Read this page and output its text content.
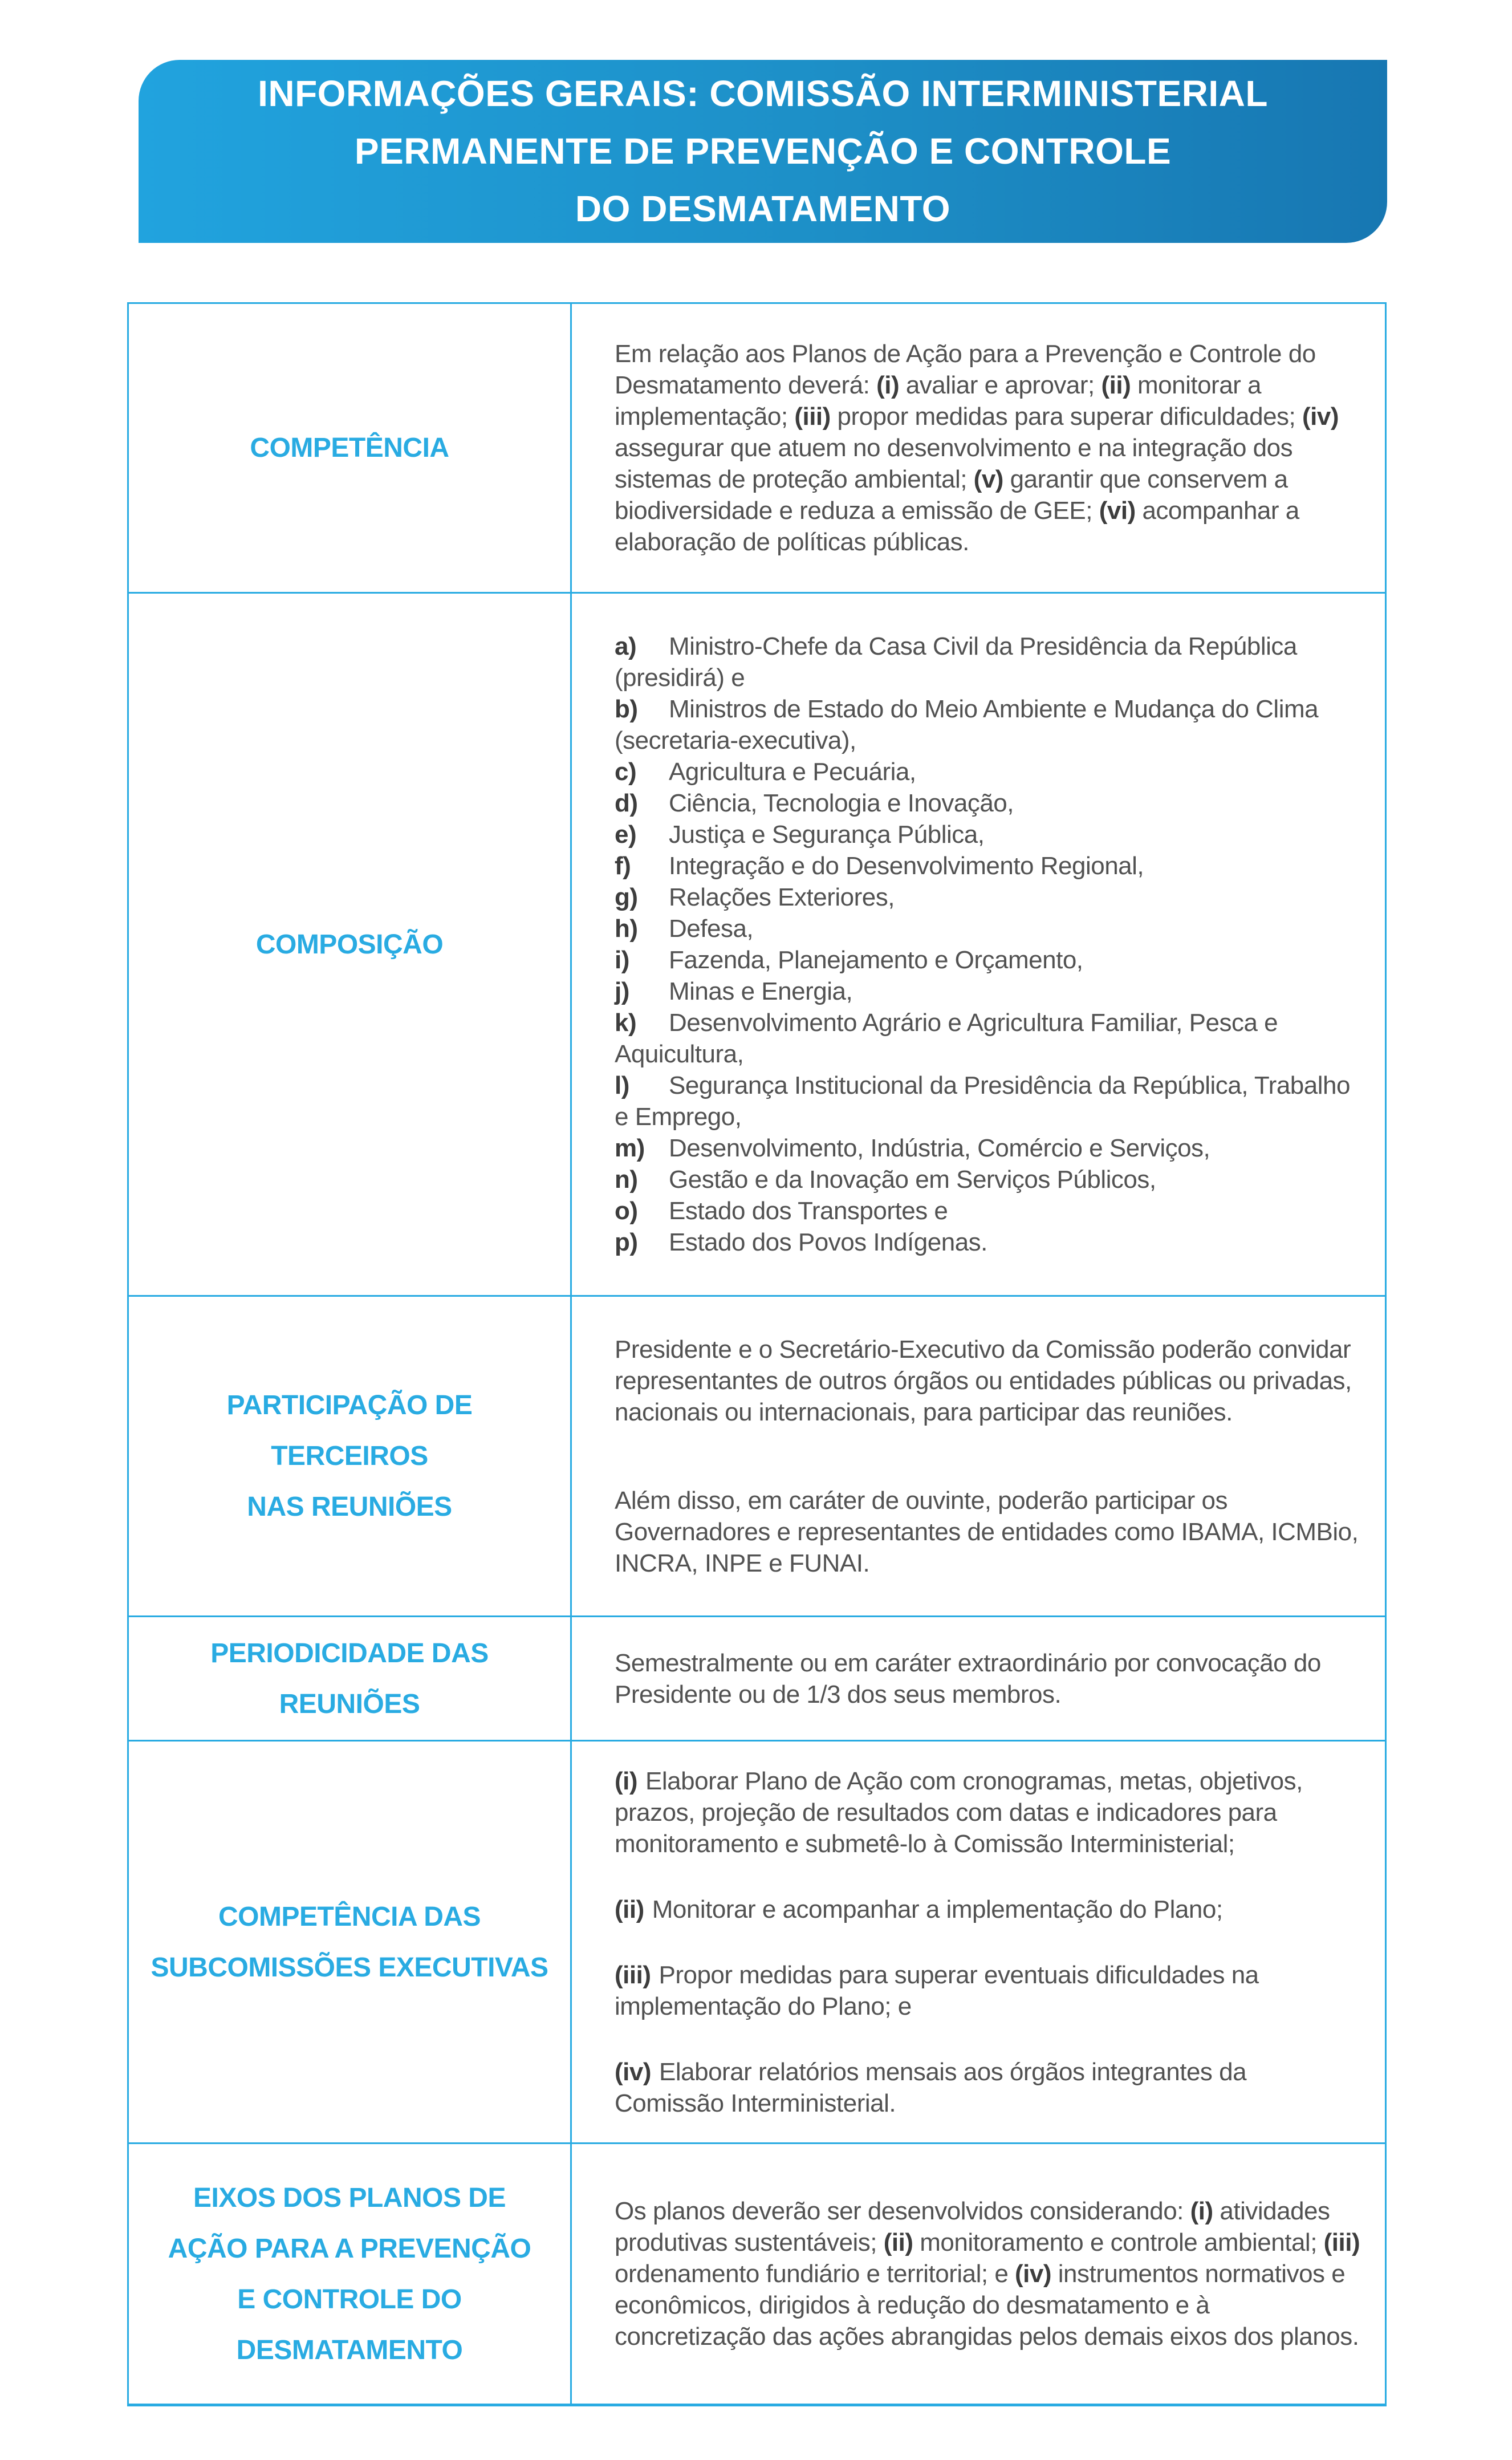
INFORMAÇÕES GERAIS: COMISSÃO INTERMINISTERIAL
PERMANENTE DE PREVENÇÃO E CONTROLE
DO DESMATAMENTO
COMPETÊNCIA

Em relação aos Planos de Ação para a Prevenção e Controle do Desmatamento deverá: (i) avaliar e aprovar; (ii) monitorar a implementação; (iii) propor medidas para superar dificuldades; (iv) assegurar que atuem no desenvolvimento e na integração dos sistemas de proteção ambiental; (v) garantir que conservem a biodiversidade e reduza a emissão de GEE; (vi) acompanhar a elaboração de políticas públicas.

COMPOSIÇÃO
a) Ministro-Chefe da Casa Civil da Presidência da República (presidirá) e
b) Ministros de Estado do Meio Ambiente e Mudança do Clima (secretaria-executiva),
c) Agricultura e Pecuária,
d) Ciência, Tecnologia e Inovação,
e) Justiça e Segurança Pública,
f) Integração e do Desenvolvimento Regional,
g) Relações Exteriores,
h) Defesa,
i) Fazenda, Planejamento e Orçamento,
j) Minas e Energia,
k) Desenvolvimento Agrário e Agricultura Familiar, Pesca e Aquicultura,
l) Segurança Institucional da Presidência da República, Trabalho e Emprego,
m) Desenvolvimento, Indústria, Comércio e Serviços,
n) Gestão e da Inovação em Serviços Públicos,
o) Estado dos Transportes e
p) Estado dos Povos Indígenas.
PARTICIPAÇÃO DE TERCEIROS
NAS REUNIÕES

Presidente e o Secretário-Executivo da Comissão poderão convidar representantes de outros órgãos ou entidades públicas ou privadas, nacionais ou internacionais, para participar das reuniões.

Além disso, em caráter de ouvinte, poderão participar os Governadores e representantes de entidades como IBAMA, ICMBio, INCRA, INPE e FUNAI.

PERIODICIDADE DAS REUNIÕES

Semestralmente ou em caráter extraordinário por convocação do Presidente ou de 1/3 dos seus membros.

COMPETÊNCIA DAS
SUBCOMISSÕES EXECUTIVAS

(i) Elaborar Plano de Ação com cronogramas, metas, objetivos, prazos, projeção de resultados com datas e indicadores para monitoramento e submetê-lo à Comissão Interministerial;

(ii) Monitorar e acompanhar a implementação do Plano;

(iii) Propor medidas para superar eventuais dificuldades na implementação do Plano; e

(iv) Elaborar relatórios mensais aos órgãos integrantes da Comissão Interministerial.

EIXOS DOS PLANOS DE
AÇÃO PARA A PREVENÇÃO
E CONTROLE DO
DESMATAMENTO

Os planos deverão ser desenvolvidos considerando: (i) atividades produtivas sustentáveis; (ii) monitoramento e controle ambiental; (iii) ordenamento fundiário e territorial; e (iv) instrumentos normativos e econômicos, dirigidos à redução do desmatamento e à concretização das ações abrangidas pelos demais eixos dos planos.
